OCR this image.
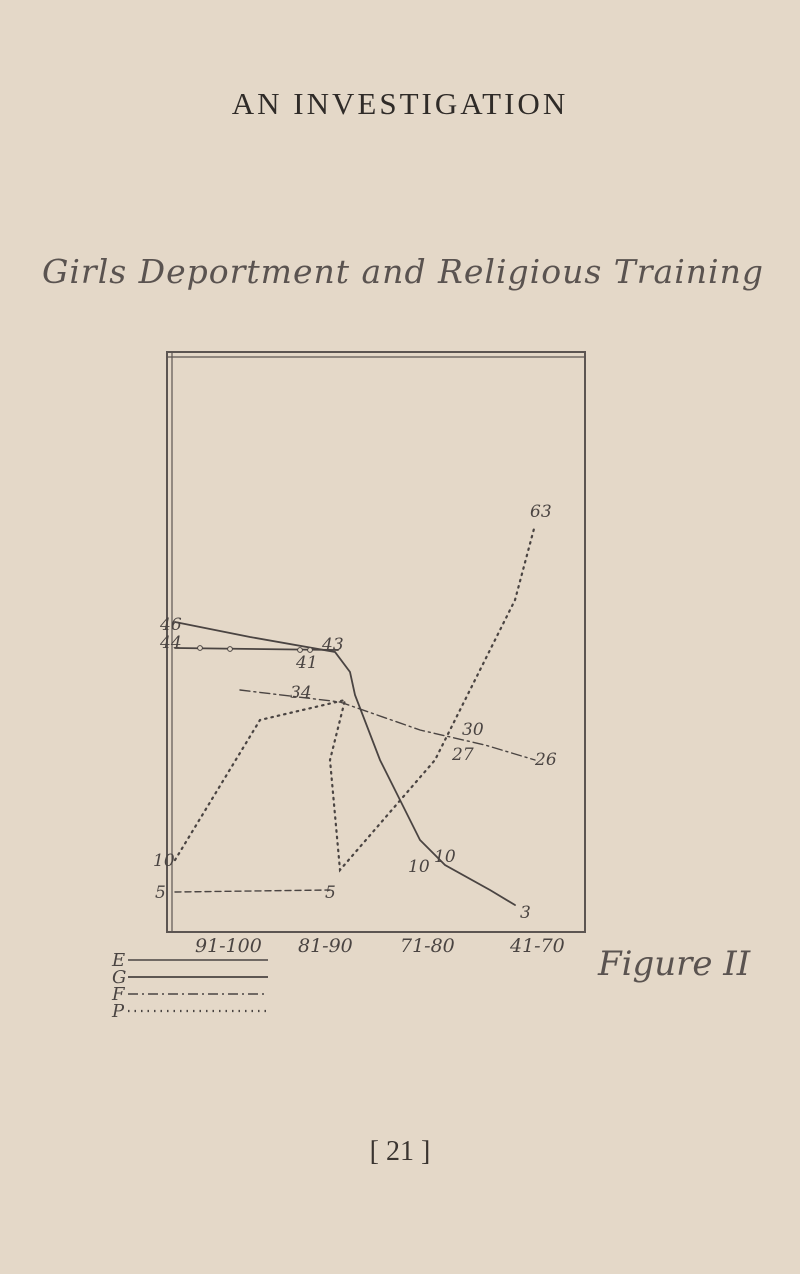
AN INVESTIGATION
Girls Deportment and Religious Training
63
46
44	43
41
34
30
27	26
10	10 10
5	5
3
91-100 81-90 71-80	41-70
E
G
F
P
Figure II
[ 21 ]
